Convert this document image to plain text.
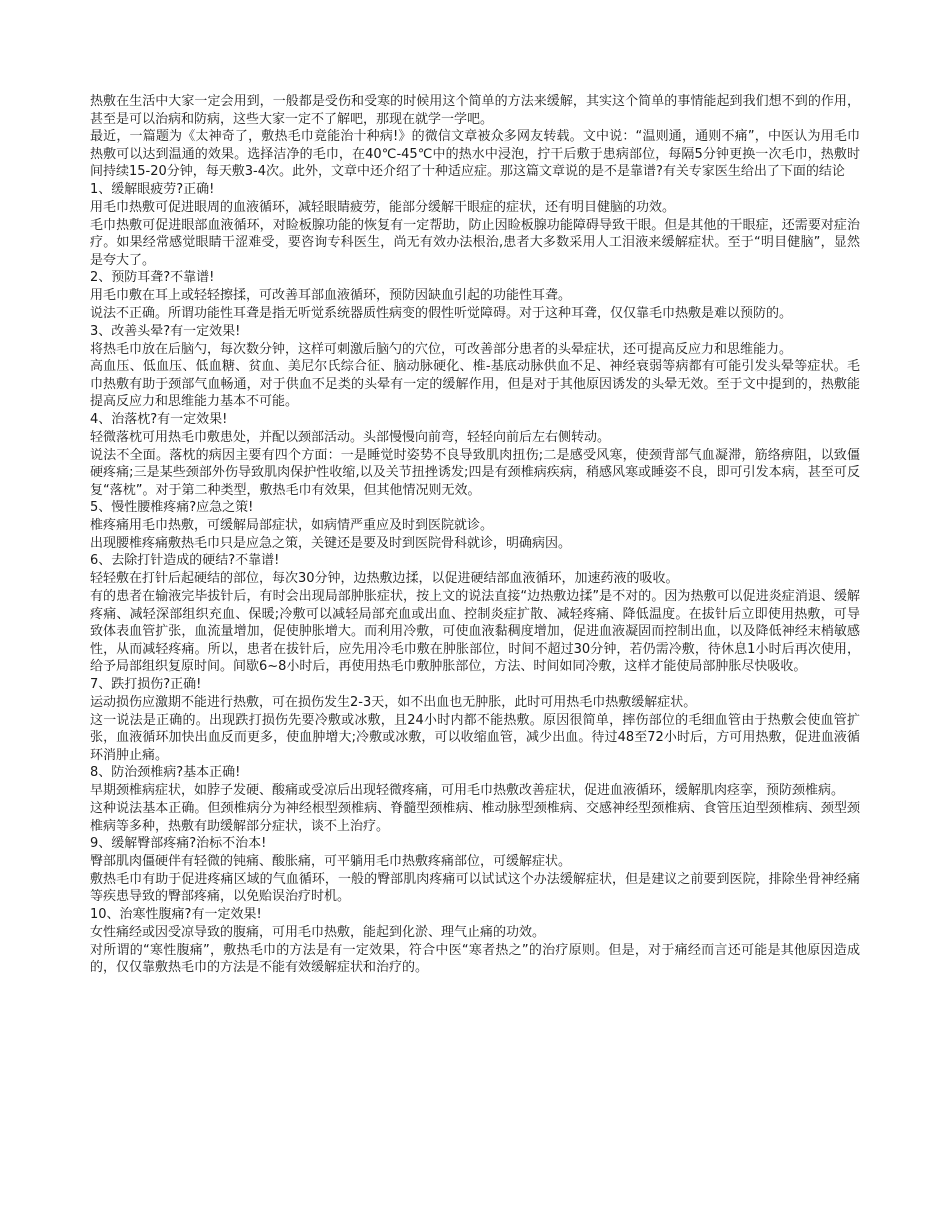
热敷在生活中大家一定会用到，一般都是受伤和受寒的时候用这个简单的方法来缓解，其实这个简单的事情能起到我们想不到的作用，甚至是可以治病和防病，这些大家一定不了解吧，那现在就学一学吧。

最近，一篇题为《太神奇了，敷热毛巾竟能治十种病!》的微信文章被众多网友转载。文中说：“温则通，通则不痛”，中医认为用毛巾热敷可以达到温通的效果。选择洁净的毛巾，在40℃-45℃中的热水中浸泡，拧干后敷于患病部位，每隔5分钟更换一次毛巾，热敷时间持续15-20分钟，每天敷3-4次。此外，文章中还介绍了十种适应症。那这篇文章说的是不是靠谱?有关专家医生给出了下面的结论

1、缓解眼疲劳?正确!

用毛巾热敷可促进眼周的血液循环，减轻眼睛疲劳，能部分缓解干眼症的症状，还有明目健脑的功效。

毛巾热敷可促进眼部血液循环，对睑板腺功能的恢复有一定帮助，防止因睑板腺功能障碍导致干眼。但是其他的干眼症，还需要对症治疗。如果经常感觉眼睛干涩难受，要咨询专科医生，尚无有效办法根治,患者大多数采用人工泪液来缓解症状。至于“明目健脑”，显然是夸大了。

2、预防耳聋?不靠谱!

用毛巾敷在耳上或轻轻擦揉，可改善耳部血液循环，预防因缺血引起的功能性耳聋。

说法不正确。所谓功能性耳聋是指无听觉系统器质性病变的假性听觉障碍。对于这种耳聋，仅仅靠毛巾热敷是难以预防的。

3、改善头晕?有一定效果!

将热毛巾放在后脑勺，每次数分钟，这样可刺激后脑勺的穴位，可改善部分患者的头晕症状，还可提高反应力和思维能力。

高血压、低血压、低血糖、贫血、美尼尔氏综合征、脑动脉硬化、椎-基底动脉供血不足、神经衰弱等病都有可能引发头晕等症状。毛巾热敷有助于颈部气血畅通，对于供血不足类的头晕有一定的缓解作用，但是对于其他原因诱发的头晕无效。至于文中提到的，热敷能提高反应力和思维能力基本不可能。

4、治落枕?有一定效果!

轻微落枕可用热毛巾敷患处，并配以颈部活动。头部慢慢向前弯，轻轻向前后左右侧转动。

说法不全面。落枕的病因主要有四个方面：一是睡觉时姿势不良导致肌肉扭伤;二是感受风寒，使颈背部气血凝滞，筋络痹阻，以致僵硬疼痛;三是某些颈部外伤导致肌肉保护性收缩,以及关节扭挫诱发;四是有颈椎病疾病，稍感风寒或睡姿不良，即可引发本病，甚至可反复“落枕”。对于第二种类型，敷热毛巾有效果，但其他情况则无效。

5、慢性腰椎疼痛?应急之策!

椎疼痛用毛巾热敷，可缓解局部症状，如病情严重应及时到医院就诊。

出现腰椎疼痛敷热毛巾只是应急之策，关键还是要及时到医院骨科就诊，明确病因。

6、去除打针造成的硬结?不靠谱!

轻轻敷在打针后起硬结的部位，每次30分钟，边热敷边揉，以促进硬结部血液循环，加速药液的吸收。

有的患者在输液完毕拔针后，有时会出现局部肿胀症状，按上文的说法直接“边热敷边揉”是不对的。因为热敷可以促进炎症消退、缓解疼痛、减轻深部组织充血、保暖;冷敷可以减轻局部充血或出血、控制炎症扩散、减轻疼痛、降低温度。在拔针后立即使用热敷，可导致体表血管扩张，血流量增加，促使肿胀增大。而利用冷敷，可使血液黏稠度增加，促进血液凝固而控制出血，以及降低神经末梢敏感性，从而减轻疼痛。所以，患者在拔针后，应先用冷毛巾敷在肿胀部位，时间不超过30分钟，若仍需冷敷，待休息1小时后再次使用，给予局部组织复原时间。间歇6~8小时后，再使用热毛巾敷肿胀部位，方法、时间如同冷敷，这样才能使局部肿胀尽快吸收。

7、跌打损伤?正确!

运动损伤应激期不能进行热敷，可在损伤发生2-3天，如不出血也无肿胀，此时可用热毛巾热敷缓解症状。

这一说法是正确的。出现跌打损伤先要冷敷或冰敷，且24小时内都不能热敷。原因很简单，摔伤部位的毛细血管由于热敷会使血管扩张，血液循环加快出血反而更多，使血肿增大;冷敷或冰敷，可以收缩血管，减少出血。待过48至72小时后，方可用热敷，促进血液循环消肿止痛。

8、防治颈椎病?基本正确!

早期颈椎病症状，如脖子发硬、酸痛或受凉后出现轻微疼痛，可用毛巾热敷改善症状，促进血液循环，缓解肌肉痉挛，预防颈椎病。

这种说法基本正确。但颈椎病分为神经根型颈椎病、脊髓型颈椎病、椎动脉型颈椎病、交感神经型颈椎病、食管压迫型颈椎病、颈型颈椎病等多种，热敷有助缓解部分症状，谈不上治疗。

9、缓解臀部疼痛?治标不治本!

臀部肌肉僵硬伴有轻微的钝痛、酸胀痛，可平躺用毛巾热敷疼痛部位，可缓解症状。

敷热毛巾有助于促进疼痛区域的气血循环，一般的臀部肌肉疼痛可以试试这个办法缓解症状，但是建议之前要到医院，排除坐骨神经痛等疾患导致的臀部疼痛，以免贻误治疗时机。

10、治寒性腹痛?有一定效果!

女性痛经或因受凉导致的腹痛，可用毛巾热敷，能起到化淤、理气止痛的功效。

对所谓的“寒性腹痛”，敷热毛巾的方法是有一定效果，符合中医“寒者热之”的治疗原则。但是，对于痛经而言还可能是其他原因造成的，仅仅靠敷热毛巾的方法是不能有效缓解症状和治疗的。
